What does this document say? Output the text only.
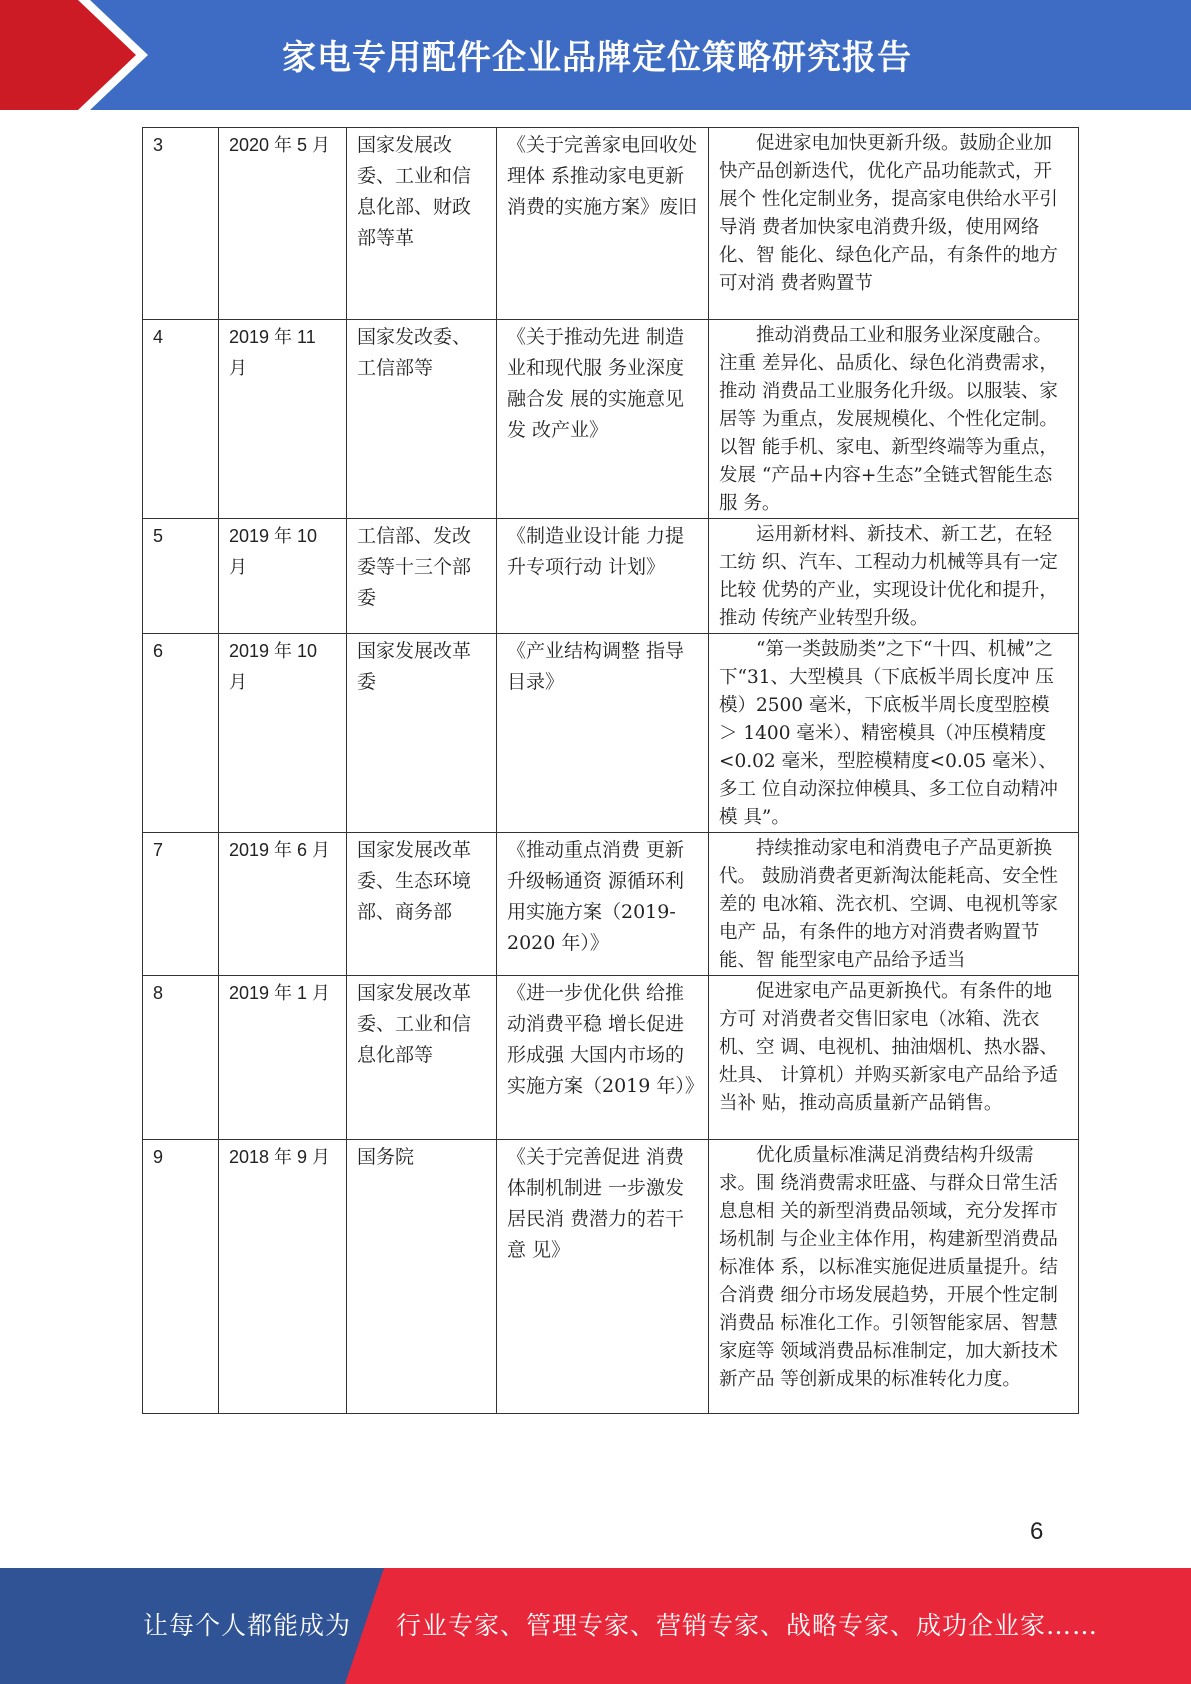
家电专用配件企业品牌定位策略研究报告
3	2020 年 5 月	国家发展改委、工业和信息化部、财政部等革	《关于完善家电回收处理体 系推动家电更新 消费的实施方案》废旧	促进家电加快更新升级。鼓励企业加快产品创新迭代，优化产品功能款式，开展个 性化定制业务，提高家电供给水平引导消 费者加快家电消费升级，使用网络化、智 能化、绿色化产品，有条件的地方可对消 费者购置节
4	2019 年 11 月	国家发改委、工信部等	《关于推动先进 制造业和现代服 务业深度融合发 展的实施意见发 改产业》	推动消费品工业和服务业深度融合。注重 差异化、品质化、绿色化消费需求，推动 消费品工业服务化升级。以服装、家居等 为重点，发展规模化、个性化定制。以智 能手机、家电、新型终端等为重点，发展 “产品+内容+生态”全链式智能生态服 务。
5	2019 年 10 月	工信部、发改委等十三个部委	《制造业设计能 力提升专项行动 计划》	运用新材料、新技术、新工艺，在轻工纺 织、汽车、工程动力机械等具有一定比较 优势的产业，实现设计优化和提升，推动 传统产业转型升级。
6	2019 年 10 月	国家发展改革委	《产业结构调整 指导目录》	“第一类鼓励类”之下“十四、机械”之下“31、大型模具（下底板半周长度冲 压模）2500 毫米，下底板半周长度型腔模 ＞ 1400 毫米）、精密模具（冲压模精度 <0.02 毫米，型腔模精度<0.05 毫米）、多工 位自动深拉伸模具、多工位自动精冲模 具”。
7	2019 年 6 月	国家发展改革委、生态环境部、商务部	《推动重点消费 更新升级畅通资 源循环利用实施方案（2019- 2020 年）》	持续推动家电和消费电子产品更新换代。 鼓励消费者更新淘汰能耗高、安全性差的 电冰箱、洗衣机、空调、电视机等家电产 品，有条件的地方对消费者购置节能、智 能型家电产品给予适当
8	2019 年 1 月	国家发展改革委、工业和信息化部等	《进一步优化供 给推动消费平稳 增长促进形成强 大国内市场的实施方案（2019 年）》	促进家电产品更新换代。有条件的地方可 对消费者交售旧家电（冰箱、洗衣机、空 调、电视机、抽油烟机、热水器、灶具、 计算机）并购买新家电产品给予适当补 贴，推动高质量新产品销售。
9	2018 年 9 月	国务院	《关于完善促进 消费体制机制进 一步激发居民消 费潜力的若干意 见》	优化质量标准满足消费结构升级需求。围 绕消费需求旺盛、与群众日常生活息息相 关的新型消费品领域，充分发挥市场机制 与企业主体作用，构建新型消费品标准体 系，以标准实施促进质量提升。结合消费 细分市场发展趋势，开展个性定制消费品 标准化工作。引领智能家居、智慧家庭等 领域消费品标准制定，加大新技术新产品 等创新成果的标准转化力度。
6
让每个人都能成为 行业专家、管理专家、营销专家、战略专家、成功企业家……
